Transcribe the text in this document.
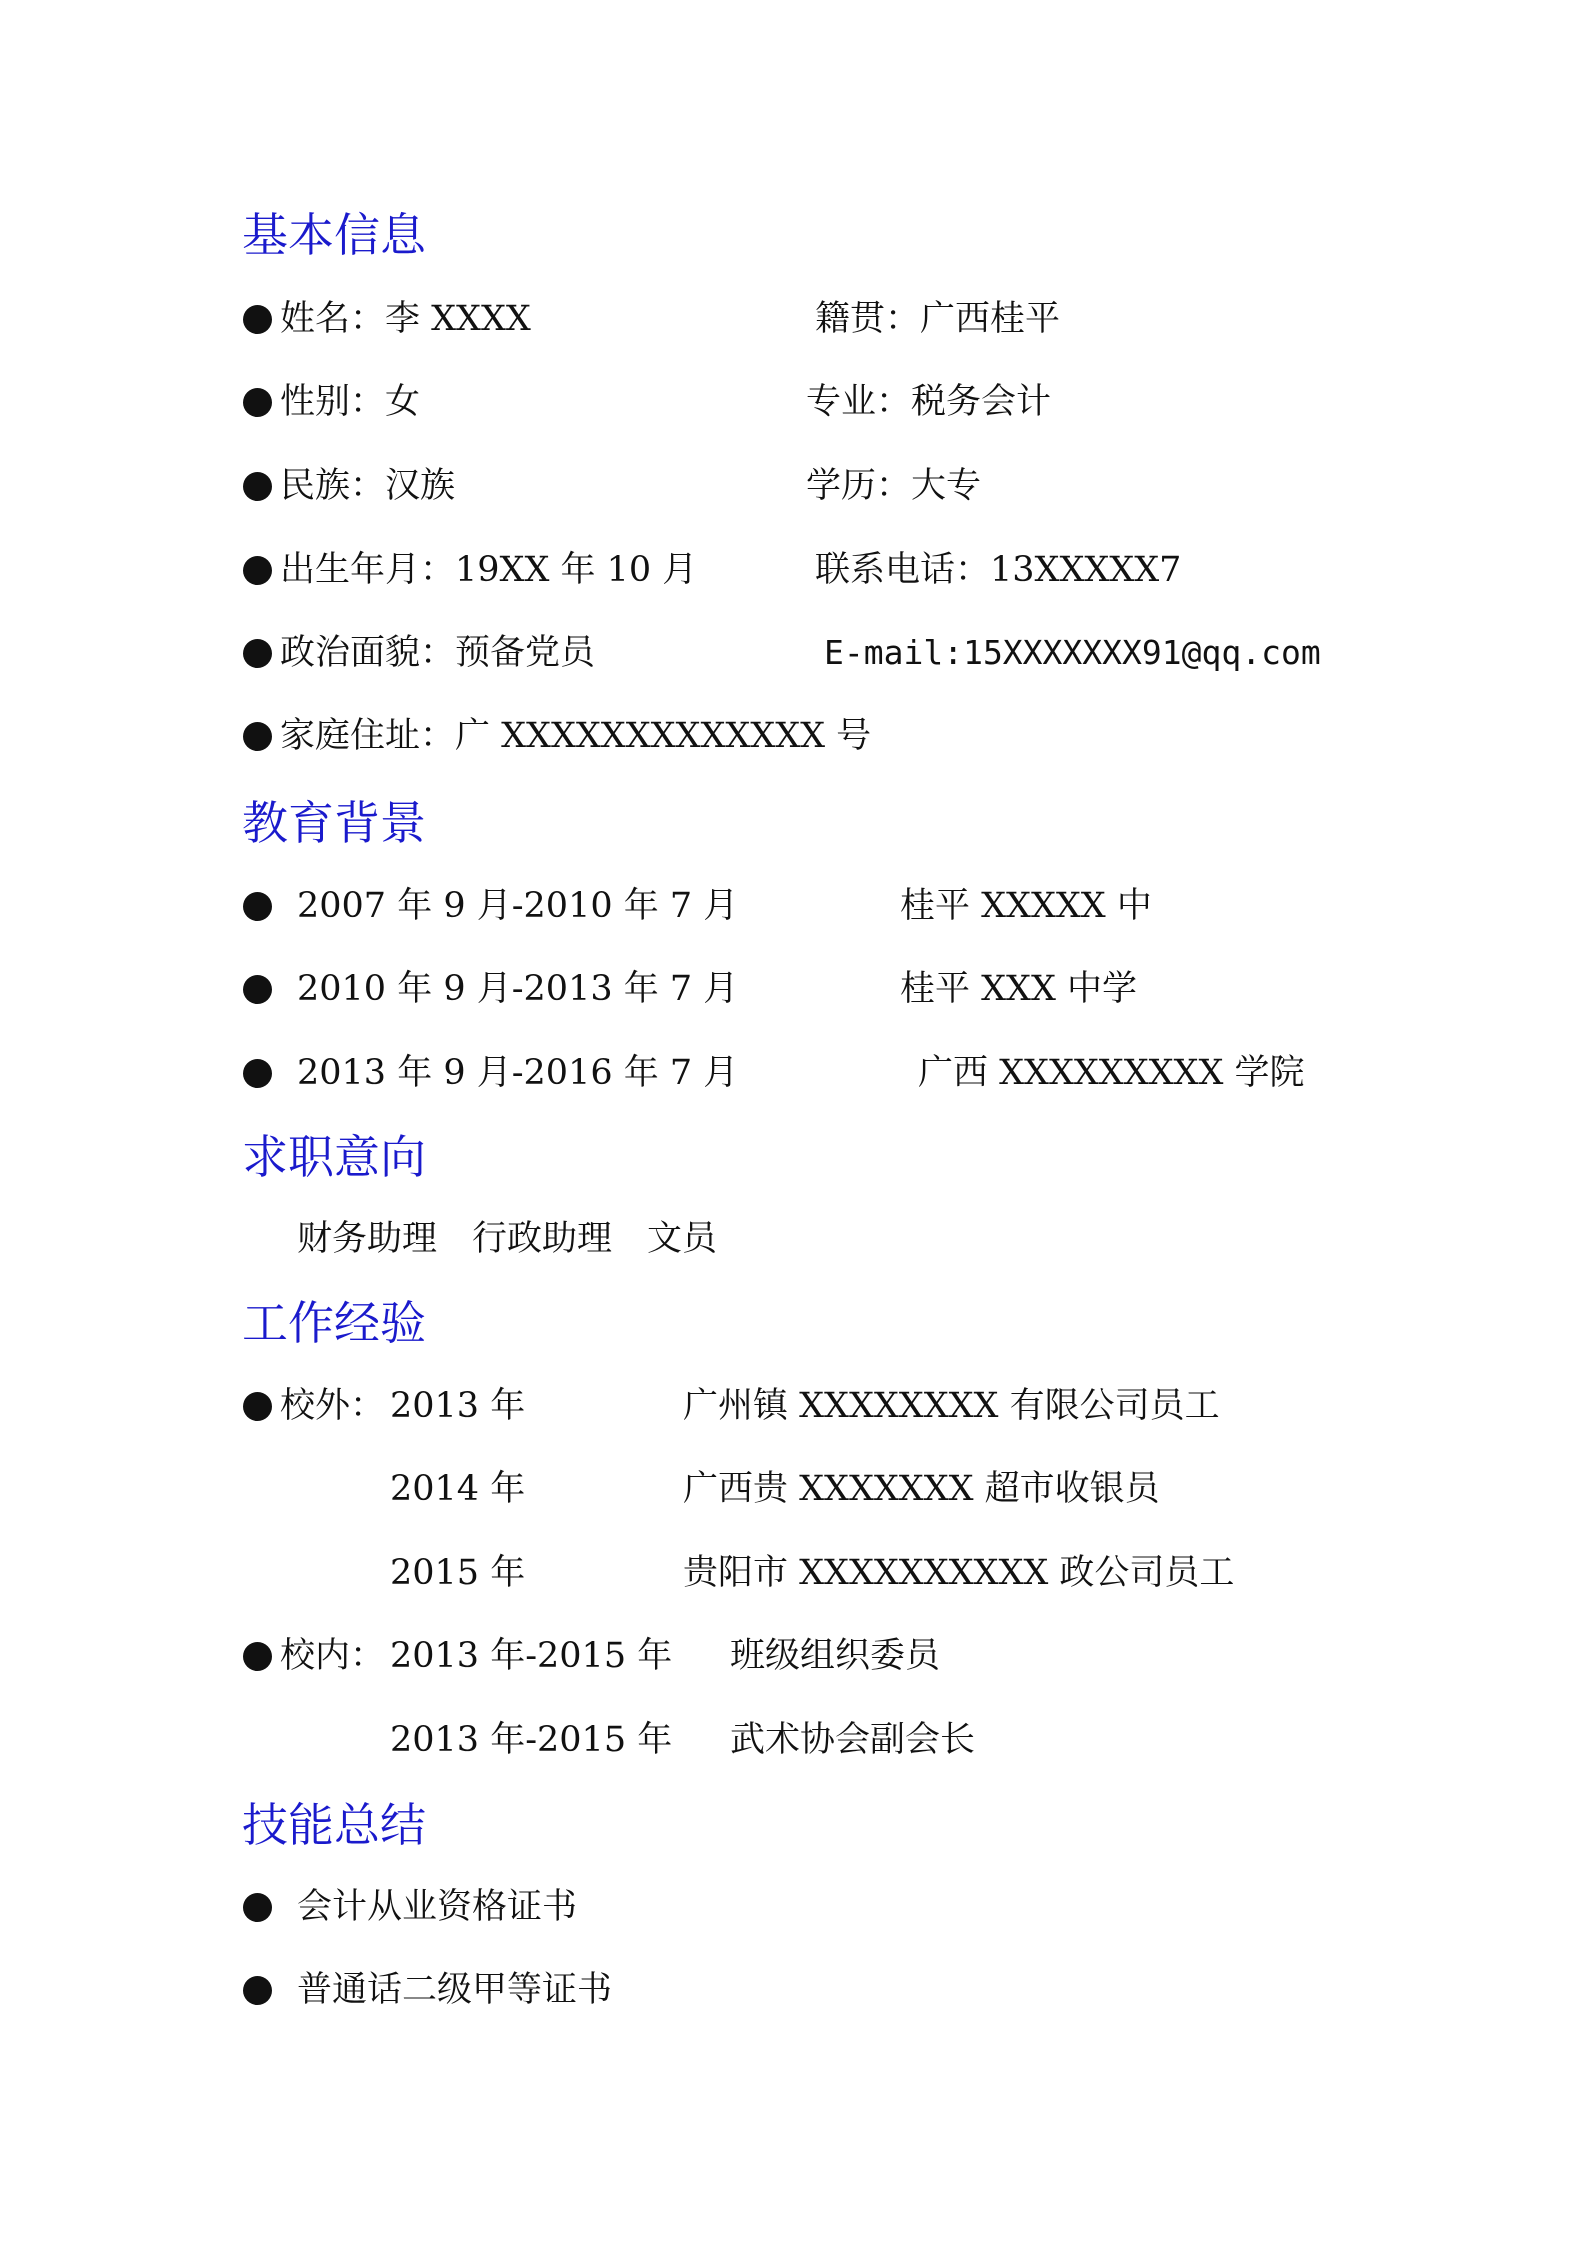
基本信息
姓名：李 XXXX	籍贯：广西桂平
性别：女	专业：税务会计
民族：汉族	学历：大专
出生年月：19XX 年 10 月	联系电话：13XXXXX7
政治面貌：预备党员	E-mail:15XXXXXXX91@qq.com
家庭住址：广 XXXXXXXXXXXXX 号
教育背景
2007 年 9 月-2010 年 7 月	桂平 XXXXX 中
2010 年 9 月-2013 年 7 月	桂平 XXX 中学
2013 年 9 月-2016 年 7 月	广西 XXXXXXXXX 学院
求职意向
财务助理　行政助理　文员
工作经验
校外： 2013 年	广州镇 XXXXXXXX 有限公司员工
2014 年	广西贵 XXXXXXX 超市收银员
2015 年	贵阳市 XXXXXXXXXX 政公司员工
校内： 2013 年-2015 年 班级组织委员
2013 年-2015 年 武术协会副会长
技能总结
会计从业资格证书
普通话二级甲等证书
